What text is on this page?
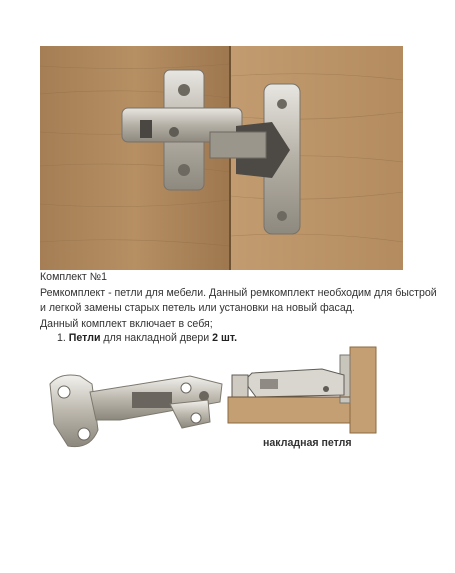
Комплект №1

Ремкомплект - петли для мебели. Данный ремкомплект необходим для быстрой и легкой замены старых петель или установки на новый фасад.

Данный комплект включает в себя;

1. Петли для накладной двери 2 шт.
накладная петля
